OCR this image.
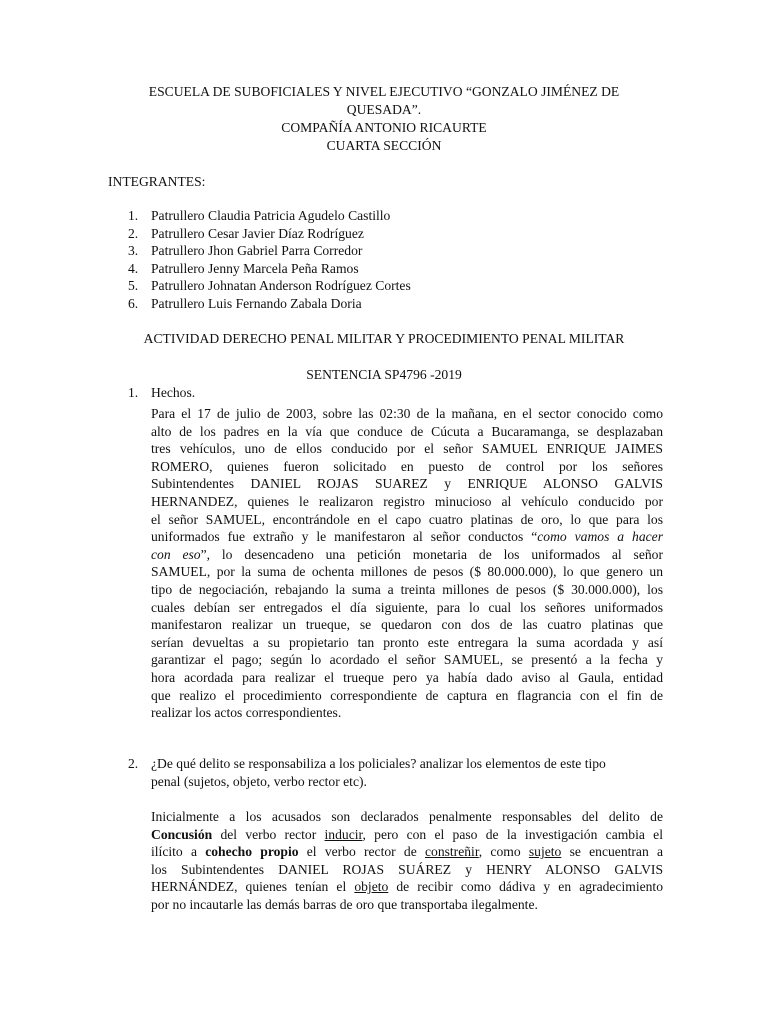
ESCUELA DE SUBOFICIALES Y NIVEL EJECUTIVO “GONZALO JIMÉNEZ DE
QUESADA”.
COMPAÑÍA ANTONIO RICAURTE
CUARTA SECCIÓN
INTEGRANTES:
1. Patrullero Claudia Patricia Agudelo Castillo
2. Patrullero Cesar Javier Díaz Rodríguez
3. Patrullero Jhon Gabriel Parra Corredor
4. Patrullero Jenny Marcela Peña Ramos
5. Patrullero Johnatan Anderson Rodríguez Cortes
6. Patrullero Luis Fernando Zabala Doria
ACTIVIDAD DERECHO PENAL MILITAR Y PROCEDIMIENTO PENAL MILITAR
SENTENCIA SP4796 -2019
1. Hechos.
Para el 17 de julio de 2003, sobre las 02:30 de la mañana, en el sector conocido como
alto de los padres en la vía que conduce de Cúcuta a Bucaramanga, se desplazaban
tres vehículos, uno de ellos conducido por el señor SAMUEL ENRIQUE JAIMES
ROMERO, quienes fueron solicitado en puesto de control por los señores
Subintendentes DANIEL ROJAS SUAREZ y ENRIQUE ALONSO GALVIS
HERNANDEZ, quienes le realizaron registro minucioso al vehículo conducido por
el señor SAMUEL, encontrándole en el capo cuatro platinas de oro, lo que para los
uniformados fue extraño y le manifestaron al señor conductos “como vamos a hacer
con eso”, lo desencadeno una petición monetaria de los uniformados al señor
SAMUEL, por la suma de ochenta millones de pesos ($ 80.000.000), lo que genero un
tipo de negociación, rebajando la suma a treinta millones de pesos ($ 30.000.000), los
cuales debían ser entregados el día siguiente, para lo cual los señores uniformados
manifestaron realizar un trueque, se quedaron con dos de las cuatro platinas que
serían devueltas a su propietario tan pronto este entregara la suma acordada y así
garantizar el pago; según lo acordado el señor SAMUEL, se presentó a la fecha y
hora acordada para realizar el trueque pero ya había dado aviso al Gaula, entidad
que realizo el procedimiento correspondiente de captura en flagrancia con el fin de
realizar los actos correspondientes.
2. ¿De qué delito se responsabiliza a los policiales? analizar los elementos de este tipo
penal (sujetos, objeto, verbo rector etc).
Inicialmente a los acusados son declarados penalmente responsables del delito de
Concusión del verbo rector inducir, pero con el paso de la investigación cambia el
ilícito a cohecho propio el verbo rector de constreñir, como sujeto se encuentran a
los Subintendentes DANIEL ROJAS SUÁREZ y HENRY ALONSO GALVIS
HERNÁNDEZ, quienes tenían el objeto de recibir como dádiva y en agradecimiento
por no incautarle las demás barras de oro que transportaba ilegalmente.
